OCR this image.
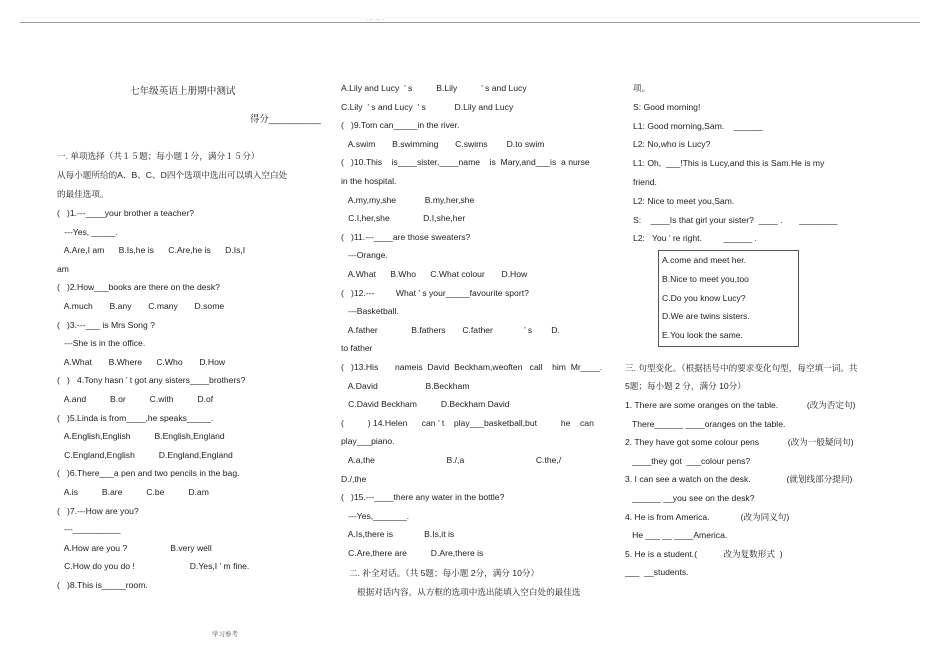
. ..  ..  .
七年级英语上册期中测试
得分__________
一. 单项选择（共１５题；每小题１分，满分１５分）
从每小题所给的A、B、C、D四个选项中选出可以填入空白处
的最佳选项。
(   )1.---____your brother a teacher?
---Yes, _____.
A.Are,I am      B.Is,he is      C.Are,he is      D.Is,I
am
(   )2.How___books are there on the desk?
A.much       B.any       C.many       D.some
(   )3.---___ is Mrs Song ?
---She is in the office.
A.What       B.Where      C.Who       D.How
(   )   4.Tony hasn ’ t got any sisters____brothers?
A.and          B.or          C.with          D.of
(   )5.Linda is from____,he speaks_____.
A.English,English          B.English,England
C.England,English          D.England,England
(   )6.There___a pen and two pencils in the bag.
A.is          B.are          C.be          D.am
(   )7.---How are you?
---__________
A.How are you ?                  B.very well
C.How do you do !                       D.Yes,I ’ m fine.
(   )8.This is_____room.
A.Lily and Lucy  ’ s          B.Lily          ’ s and Lucy
C.Lily  ’ s and Lucy  ’ s            D.Lily and Lucy
(   )9.Tom can_____in the river.
A.swim       B.swimming       C.swims        D.to swim
(   )10.This    is____sister,____name    is  Mary,and___is  a nurse
in the hospital.
A.my,my,she            B.my,her,she
C.I,her,she              D.I,she,her
(   )11.---____are those sweaters?
---Orange.
A.What      B.Who      C.What colour       D.How
(   )12.---         What ’ s your_____favourite sport?
---Basketball.
A.father              B.fathers       C.father             ’ s        D.
to father
(   )13.His       nameis  David  Beckham,weoften   call    him  Mr____.
A.David                    B.Beckham
C.David Beckham          D.Beckham David
(          ) 14.Helen      can ’ t    play___basketball,but          he    can
play___piano.
A.a,the                              B./,a                              C.the,/
D./,the
(   )15.---____there any water in the bottle?
---Yes,_______.
A.Is,there is             B.Is,it is
C.Are,there are          D.Are,there is
二. 补全对话。（共 5题；每小题 2分，满分 10分）
根据对话内容，从方框的选项中选出能填入空白处的最佳选
项。
S: Good morning!
L1: Good morning,Sam.    ______
L2: No,who is Lucy?
L1: Oh,  ___!This is Lucy,and this is Sam.He is my
friend.
L2: Nice to meet you,Sam.
S:    ____Is that girl your sister?  ____ .       ________
L2:   You ’ re right.         ______ .
A.come and meet her.
B.Nice to meet you,too
C.Do you know Lucy?
D.We are twins sisters.
E.You look the same.
三. 句型变化。（根据括号中的要求变化句型，每空填一词。共
5题；每小题 2 分，满分 10分）
1. There are some oranges on the table.            (改为否定句)
There______ ____oranges on the table.
2. They have got some colour pens            (改为一般疑问句)
____they got  ___colour pens?
3. I can see a watch on the desk.               (就划线部分提问)
______ __you see on the desk?
4. He is from America.             (改为同义句)
He ___ __ ____America.
5. He is a student.(           改为复数形式  )
___  __students.
学习参考
